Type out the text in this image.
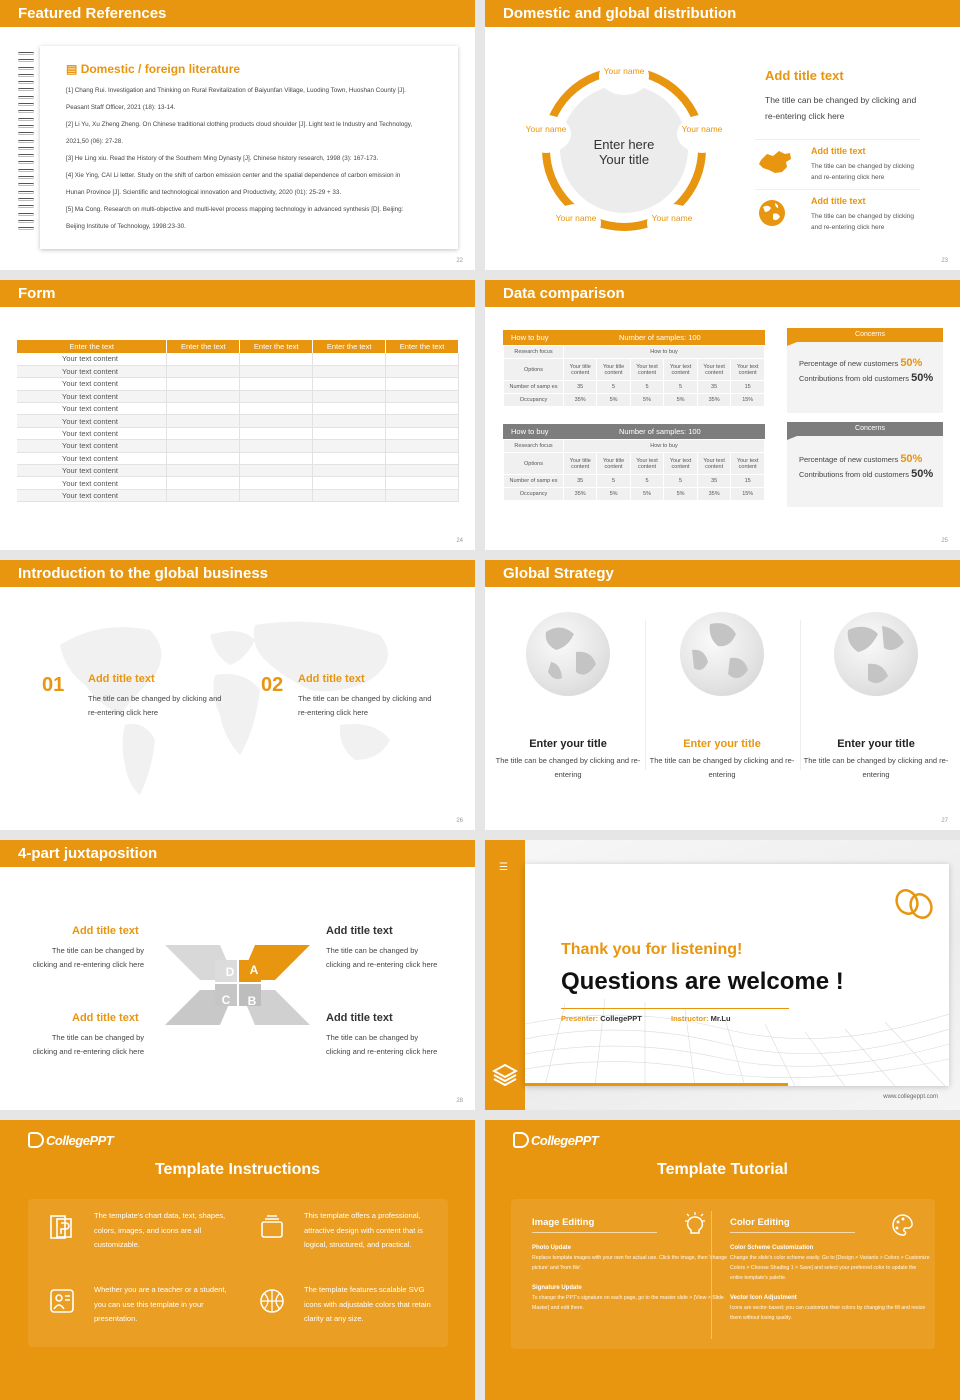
Featured References
▤ Domestic / foreign literature
[1] Chang Rui. Investigation and Thinking on Rural Revitalization of Baiyunfan Village, Luoding Town, Huoshan County [J].
Peasant Staff Officer, 2021 (18): 13-14.
[2] Li Yu, Xu Zheng Zheng. On Chinese traditional clothing products cloud shoulder [J]. Light text le Industry and Technology,
2021,50 (06): 27-28.
[3] He Ling xiu. Read the History of the Southern Ming Dynasty [J]. Chinese history research, 1998 (3): 167-173.
[4] Xie Ying, CAI Li letter. Study on the shift of carbon emission center and the spatial dependence of carbon emission in
Hunan Province [J]. Scientific and technological innovation and Productivity, 2020 (01): 25-29 + 33.
[5] Ma Cong. Research on multi-objective and multi-level process mapping technology in advanced synthesis [D]. Beijing:
Beijing Institute of Technology, 1998:23-30.
22
Domestic and global distribution
Enter here
Your title
Your name
Your name
Your name
Your name
Your name
Add title text
The title can be changed by clicking and re-entering click here
Add title text
The title can be changed by clicking and re-entering click here
Add title text
The title can be changed by clicking and re-entering click here
23
Form
Enter the text	Enter the text	Enter the text	Enter the text	Enter the text
Your text content				
Your text content				
Your text content				
Your text content				
Your text content				
Your text content				
Your text content				
Your text content				
Your text content				
Your text content				
Your text content				
Your text content				
24
Data comparison
How to buy	Number of samples: 100
Research focus	How to buy					
Options	Your title content	Your title content	Your text content	Your text content	Your text content	Your text content
Number of samp es	35	5	5	5	35	15
Occupancy	35%	5%	5%	5%	35%	15%
How to buy	Number of samples: 100
Research focus	How to buy					
Options	Your title content	Your title content	Your text content	Your text content	Your text content	Your text content
Number of samp es	35	5	5	5	35	15
Occupancy	35%	5%	5%	5%	35%	15%
Concerns
Percentage of new customers 50%
Contributions from old customers 50%
Concerns
Percentage of new customers 50%
Contributions from old customers 50%
25
Introduction to the global business
01 Add title text
The title can be changed by clicking and re-entering click here
02 Add title text
The title can be changed by clicking and re-entering click here
26
Global Strategy
Enter your title
The title can be changed by clicking and re-entering
Enter your title
The title can be changed by clicking and re-entering
Enter your title
The title can be changed by clicking and re-entering
27
4-part juxtaposition
Add title text
The title can be changed by
clicking and re-entering click here
Add title text
The title can be changed by
clicking and re-entering click here
Add title text
The title can be changed by
clicking and re-entering click here
Add title text
The title can be changed by
clicking and re-entering click here
D	A
C	B
28
☰
Thank you for listening!
Questions are welcome !
Presenter: CollegePPT	Instructor: Mr.Lu
www.collegeppt.com
CollegePPT
Template Instructions
The template's chart data, text, shapes, colors, images, and icons are all customizable.
This template offers a professional, attractive design with content that is logical, structured, and practical.
Whether you are a teacher or a student, you can use this template in your presentation.
The template features scalable SVG icons with adjustable colors that retain clarity at any size.
CollegePPT
Template Tutorial
Image Editing
Photo Update
Replace template images with your own for actual use. Click the image, then 'change picture' and 'from file'.
Signature Update
To change the PPT's signature on each page, go to the master slide > [View > Slide Master] and edit there.
Color Editing
Color Scheme Customization
Change the slide's color scheme easily. Go to [Design > Variants > Colors > Customize Colors > Choose Shading 1 > Save] and select your preferred color to update the entire template's palette.
Vector Icon Adjustment
Icons are vector-based; you can customize their colors by changing the fill and resize them without losing quality.
